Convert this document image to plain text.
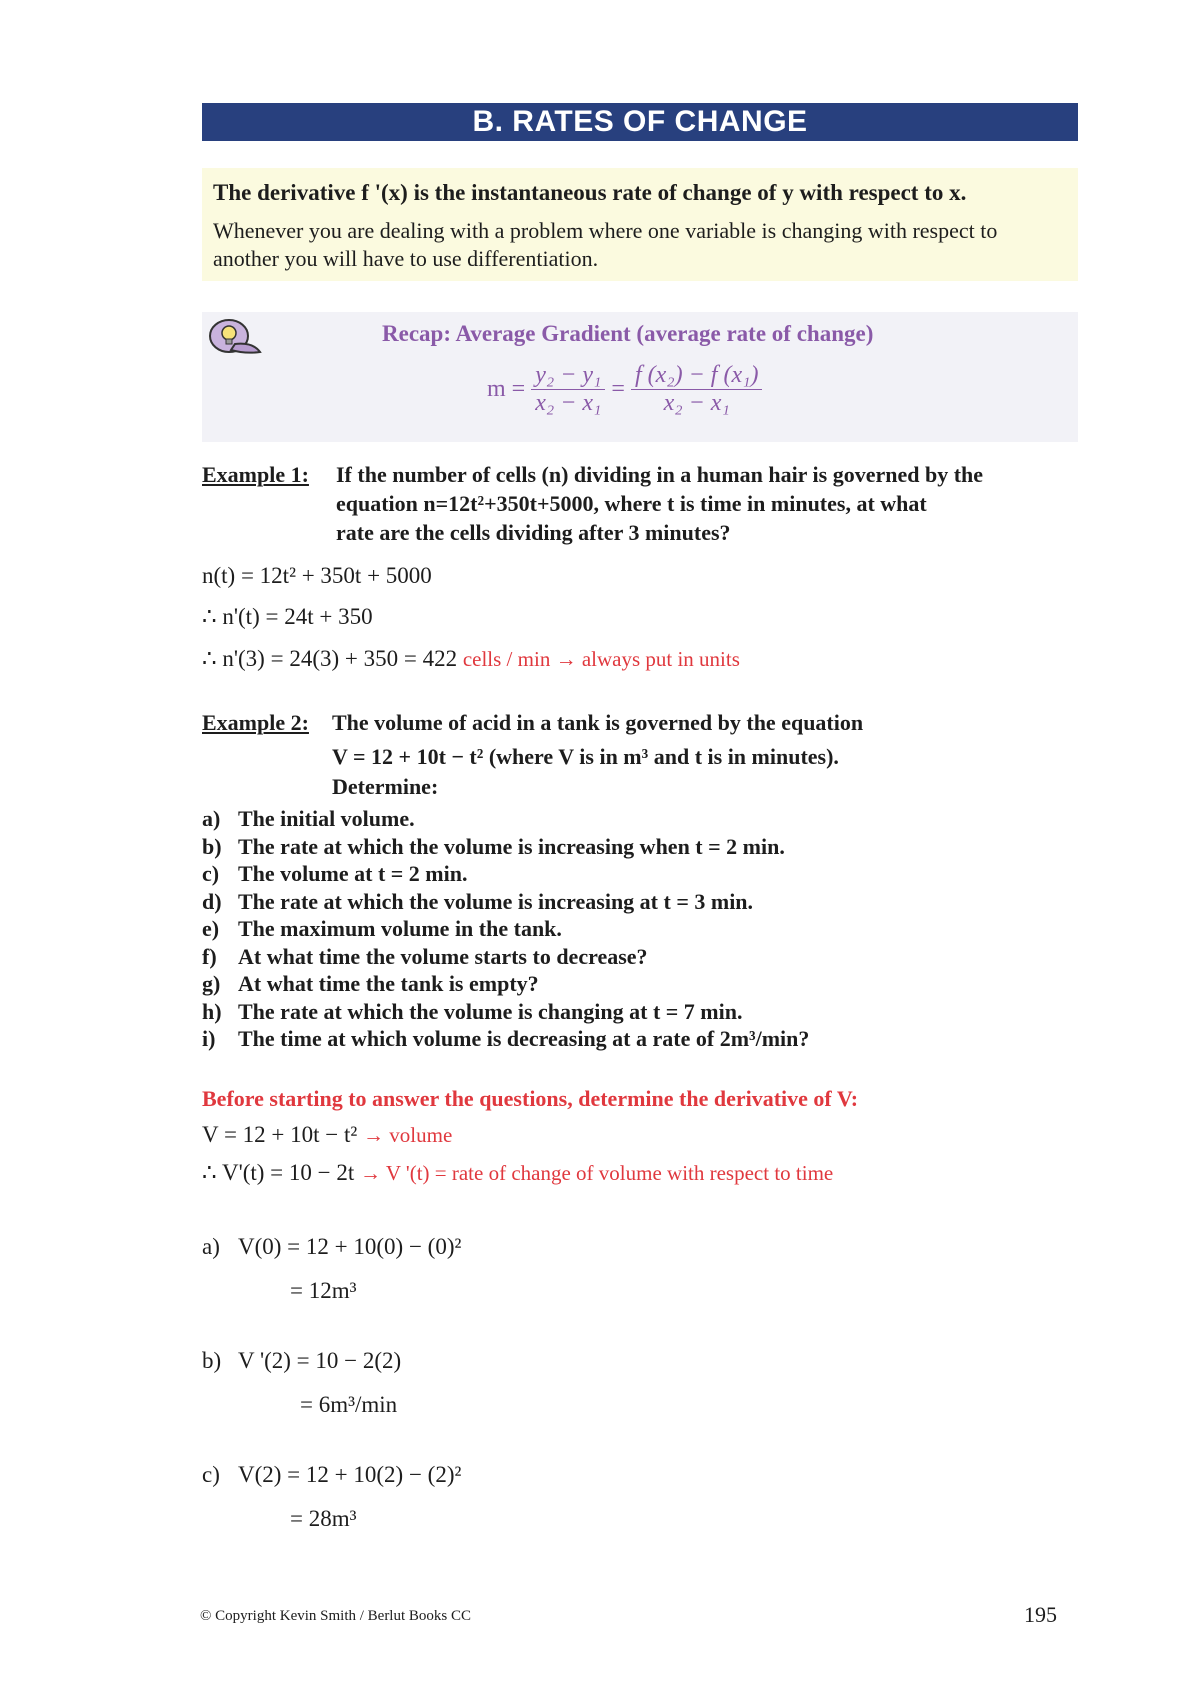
B. RATES OF CHANGE
The derivative f '(x) is the instantaneous rate of change of y with respect to x.
Whenever you are dealing with a problem where one variable is changing with respect to
another you will have to use differentiation.
Recap: Average Gradient (average rate of change)
$m = \frac{\text{y₂ − y₁}}{\text{x₂ − x₁}} = \frac{\text{f (x₂) − f (x₁)}}{\text{x₂ − x₁}}$
Example 1: If the number of cells (n) dividing in a human hair is governed by the
equation n=12t²+350t+5000, where t is time in minutes, at what
rate are the cells dividing after 3 minutes?
n(t) = 12t² + 350t + 5000
∴ n'(t) = 24t + 350
∴ n'(3) = 24(3) + 350 = 422 cells / min → always put in units
Example 2: The volume of acid in a tank is governed by the equation
V = 12 + 10t − t² (where V is in m³ and t is in minutes).
Determine:
a) The initial volume.
b) The rate at which the volume is increasing when t = 2 min.
c) The volume at t = 2 min.
d) The rate at which the volume is increasing at t = 3 min.
e) The maximum volume in the tank.
f) At what time the volume starts to decrease?
g) At what time the tank is empty?
h) The rate at which the volume is changing at t = 7 min.
i) The time at which volume is decreasing at a rate of 2m³/min?
Before starting to answer the questions, determine the derivative of V:
V = 12 + 10t − t² → volume
∴ V'(t) = 10 − 2t → V '(t) = rate of change of volume with respect to time
a) V(0) = 12 + 10(0) − (0)²
= 12m³
b) V '(2) = 10 − 2(2)
= 6m³/min
c) V(2) = 12 + 10(2) − (2)²
= 28m³
© Copyright Kevin Smith / Berlut Books CC	195
